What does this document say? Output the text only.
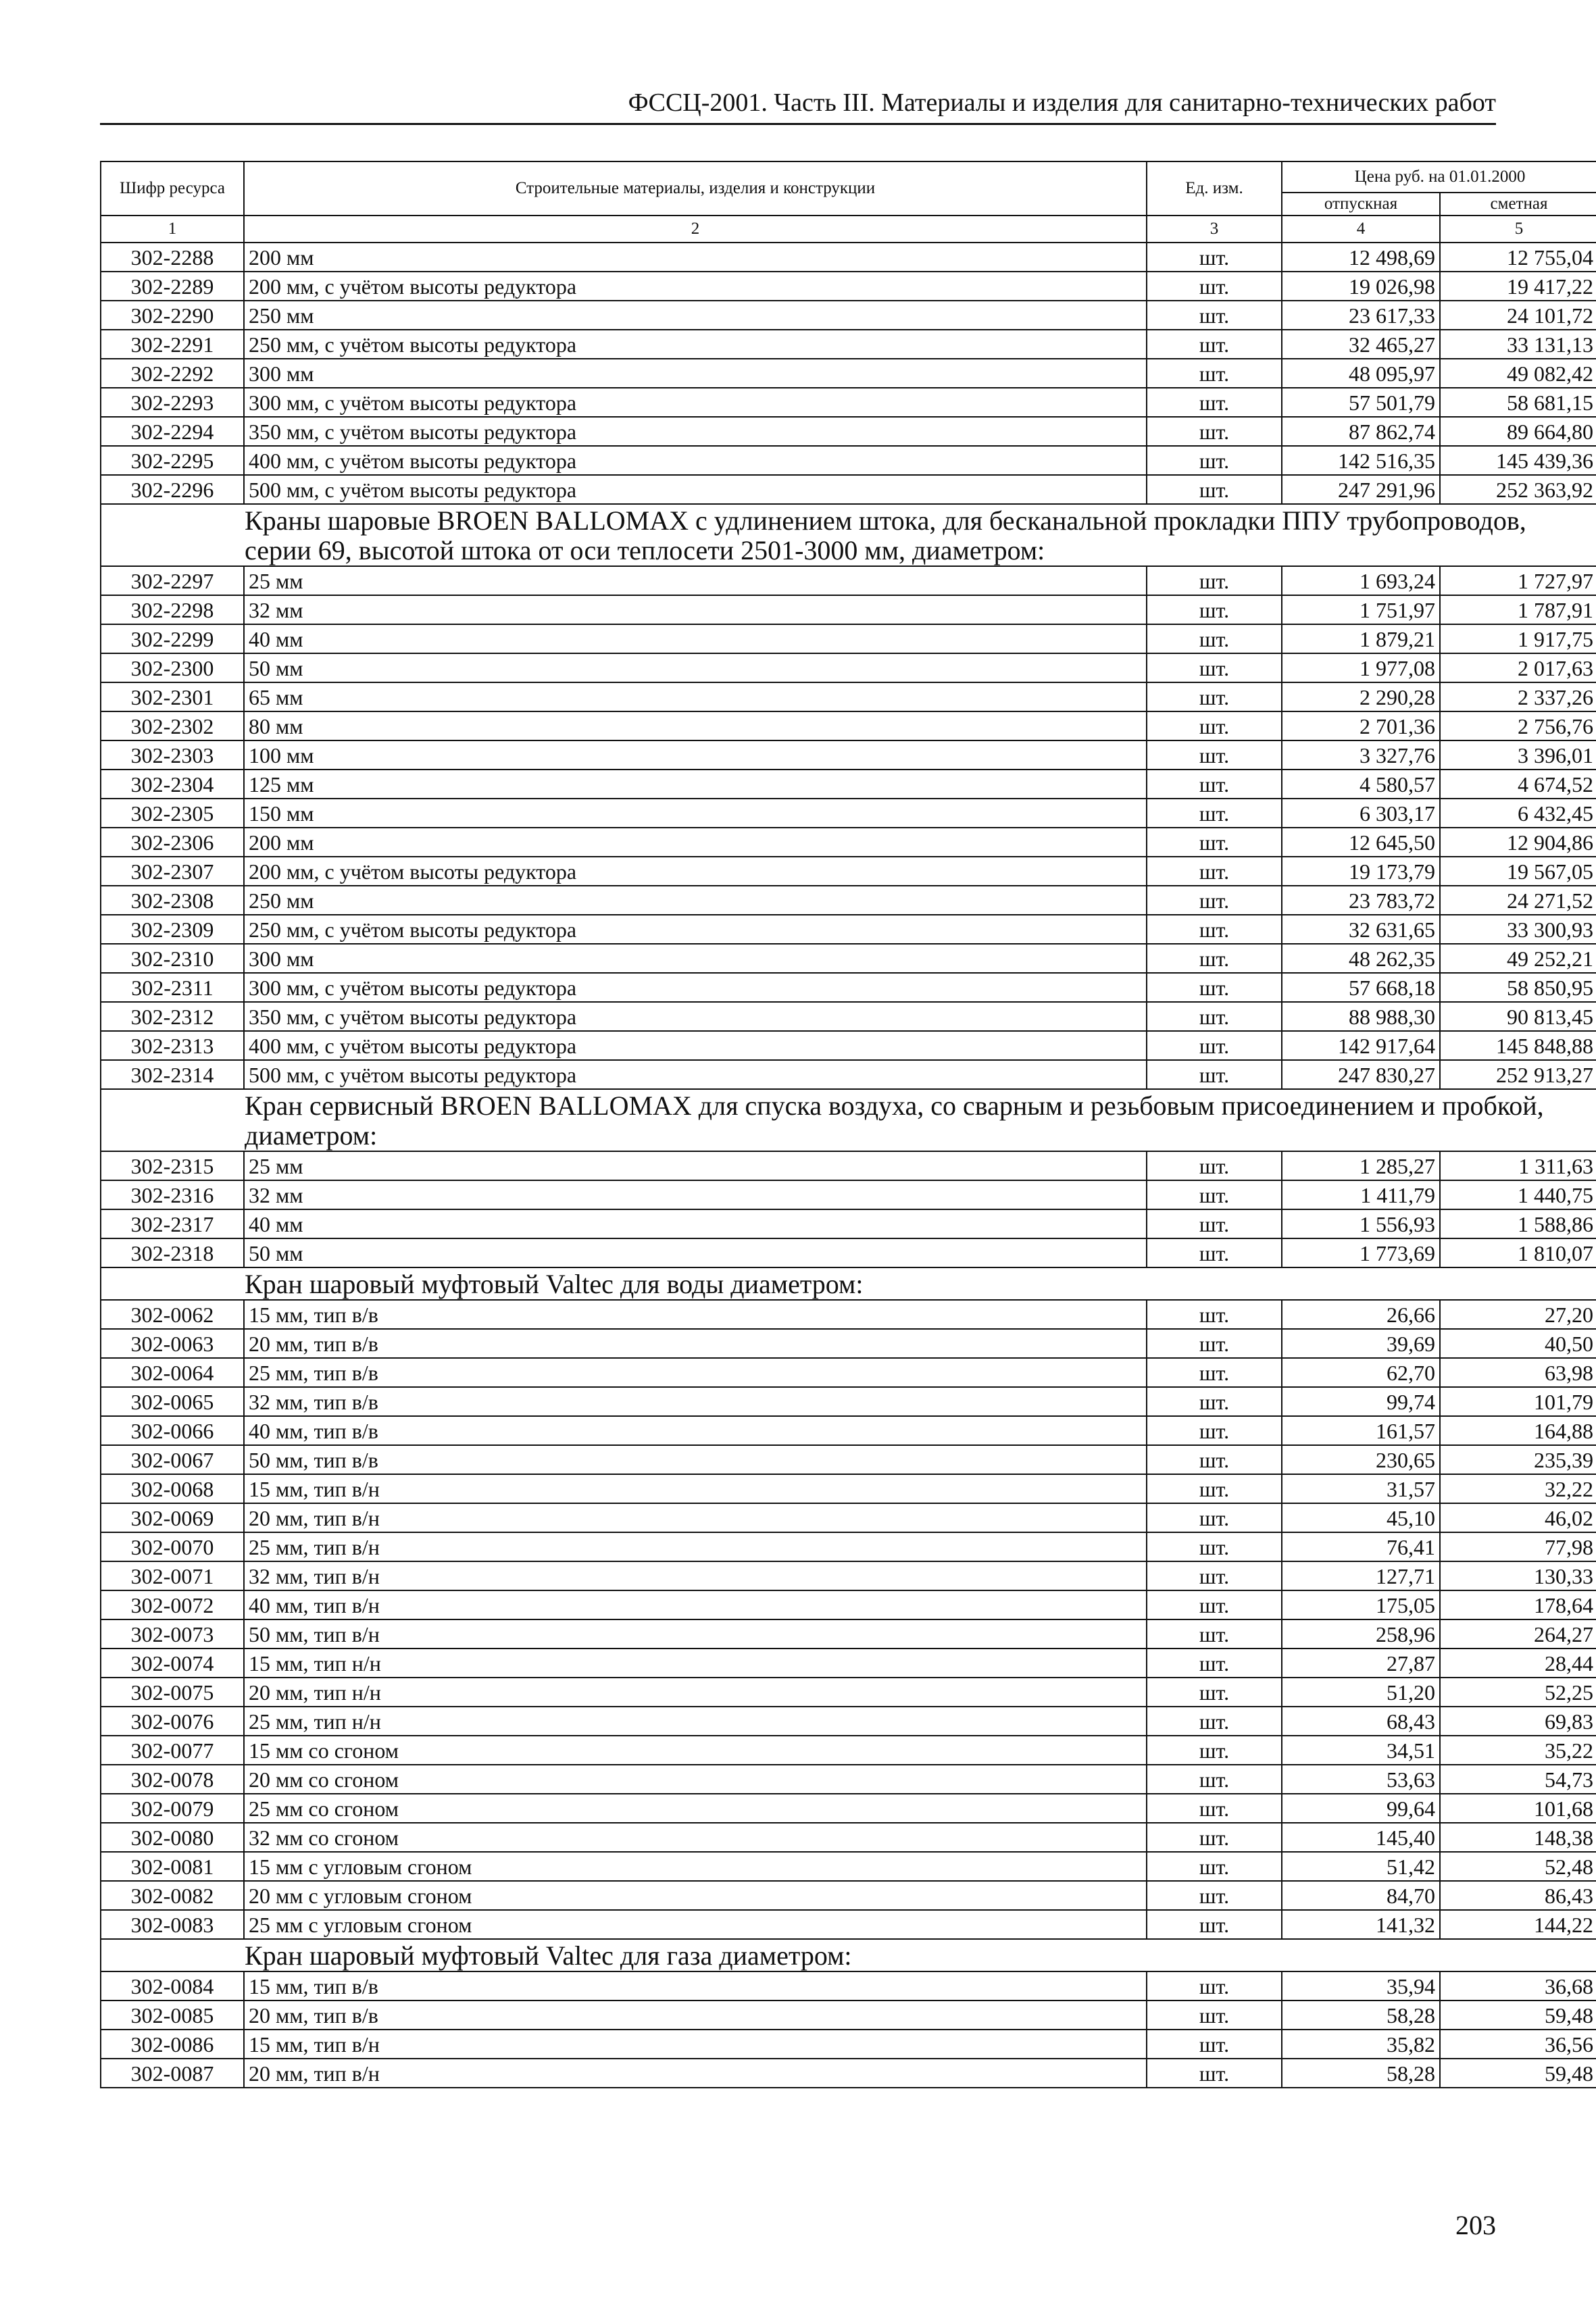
ФССЦ-2001. Часть III. Материалы и изделия для санитарно-технических работ
Шифр ресурса	Строительные материалы, изделия и конструкции	Ед. изм.	Цена руб. на 01.01.2000	
			отпускная	сметная
1	2	3	4	5
302-2288	200 мм	шт.	12 498,69	12 755,04
302-2289	200 мм, с учётом высоты редуктора	шт.	19 026,98	19 417,22
302-2290	250 мм	шт.	23 617,33	24 101,72
302-2291	250 мм, с учётом высоты редуктора	шт.	32 465,27	33 131,13
302-2292	300 мм	шт.	48 095,97	49 082,42
302-2293	300 мм, с учётом высоты редуктора	шт.	57 501,79	58 681,15
302-2294	350 мм, с учётом высоты редуктора	шт.	87 862,74	89 664,80
302-2295	400 мм, с учётом высоты редуктора	шт.	142 516,35	145 439,36
302-2296	500 мм, с учётом высоты редуктора	шт.	247 291,96	252 363,92
Краны шаровые BROEN BALLOMAX с удлинением штока, для бесканальной прокладки ППУ трубопроводов, серии 69, высотой штока от оси теплосети 2501-3000 мм, диаметром:				
302-2297	25 мм	шт.	1 693,24	1 727,97
302-2298	32 мм	шт.	1 751,97	1 787,91
302-2299	40 мм	шт.	1 879,21	1 917,75
302-2300	50 мм	шт.	1 977,08	2 017,63
302-2301	65 мм	шт.	2 290,28	2 337,26
302-2302	80 мм	шт.	2 701,36	2 756,76
302-2303	100 мм	шт.	3 327,76	3 396,01
302-2304	125 мм	шт.	4 580,57	4 674,52
302-2305	150 мм	шт.	6 303,17	6 432,45
302-2306	200 мм	шт.	12 645,50	12 904,86
302-2307	200 мм, с учётом высоты редуктора	шт.	19 173,79	19 567,05
302-2308	250 мм	шт.	23 783,72	24 271,52
302-2309	250 мм, с учётом высоты редуктора	шт.	32 631,65	33 300,93
302-2310	300 мм	шт.	48 262,35	49 252,21
302-2311	300 мм, с учётом высоты редуктора	шт.	57 668,18	58 850,95
302-2312	350 мм, с учётом высоты редуктора	шт.	88 988,30	90 813,45
302-2313	400 мм, с учётом высоты редуктора	шт.	142 917,64	145 848,88
302-2314	500 мм, с учётом высоты редуктора	шт.	247 830,27	252 913,27
Кран сервисный BROEN BALLOMAX для спуска воздуха, со сварным и резьбовым присоединением и пробкой, диаметром:				
302-2315	25 мм	шт.	1 285,27	1 311,63
302-2316	32 мм	шт.	1 411,79	1 440,75
302-2317	40 мм	шт.	1 556,93	1 588,86
302-2318	50 мм	шт.	1 773,69	1 810,07
Кран шаровый муфтовый Valtec для воды диаметром:				
302-0062	15 мм, тип в/в	шт.	26,66	27,20
302-0063	20 мм, тип в/в	шт.	39,69	40,50
302-0064	25 мм, тип в/в	шт.	62,70	63,98
302-0065	32 мм, тип в/в	шт.	99,74	101,79
302-0066	40 мм, тип в/в	шт.	161,57	164,88
302-0067	50 мм, тип в/в	шт.	230,65	235,39
302-0068	15 мм, тип в/н	шт.	31,57	32,22
302-0069	20 мм, тип в/н	шт.	45,10	46,02
302-0070	25 мм, тип в/н	шт.	76,41	77,98
302-0071	32 мм, тип в/н	шт.	127,71	130,33
302-0072	40 мм, тип в/н	шт.	175,05	178,64
302-0073	50 мм, тип в/н	шт.	258,96	264,27
302-0074	15 мм, тип н/н	шт.	27,87	28,44
302-0075	20 мм, тип н/н	шт.	51,20	52,25
302-0076	25 мм, тип н/н	шт.	68,43	69,83
302-0077	15 мм со сгоном	шт.	34,51	35,22
302-0078	20 мм со сгоном	шт.	53,63	54,73
302-0079	25 мм со сгоном	шт.	99,64	101,68
302-0080	32 мм со сгоном	шт.	145,40	148,38
302-0081	15 мм с угловым сгоном	шт.	51,42	52,48
302-0082	20 мм с угловым сгоном	шт.	84,70	86,43
302-0083	25 мм с угловым сгоном	шт.	141,32	144,22
Кран шаровый муфтовый Valtec для газа диаметром:				
302-0084	15 мм, тип в/в	шт.	35,94	36,68
302-0085	20 мм, тип в/в	шт.	58,28	59,48
302-0086	15 мм, тип в/н	шт.	35,82	36,56
302-0087	20 мм, тип в/н	шт.	58,28	59,48
203
